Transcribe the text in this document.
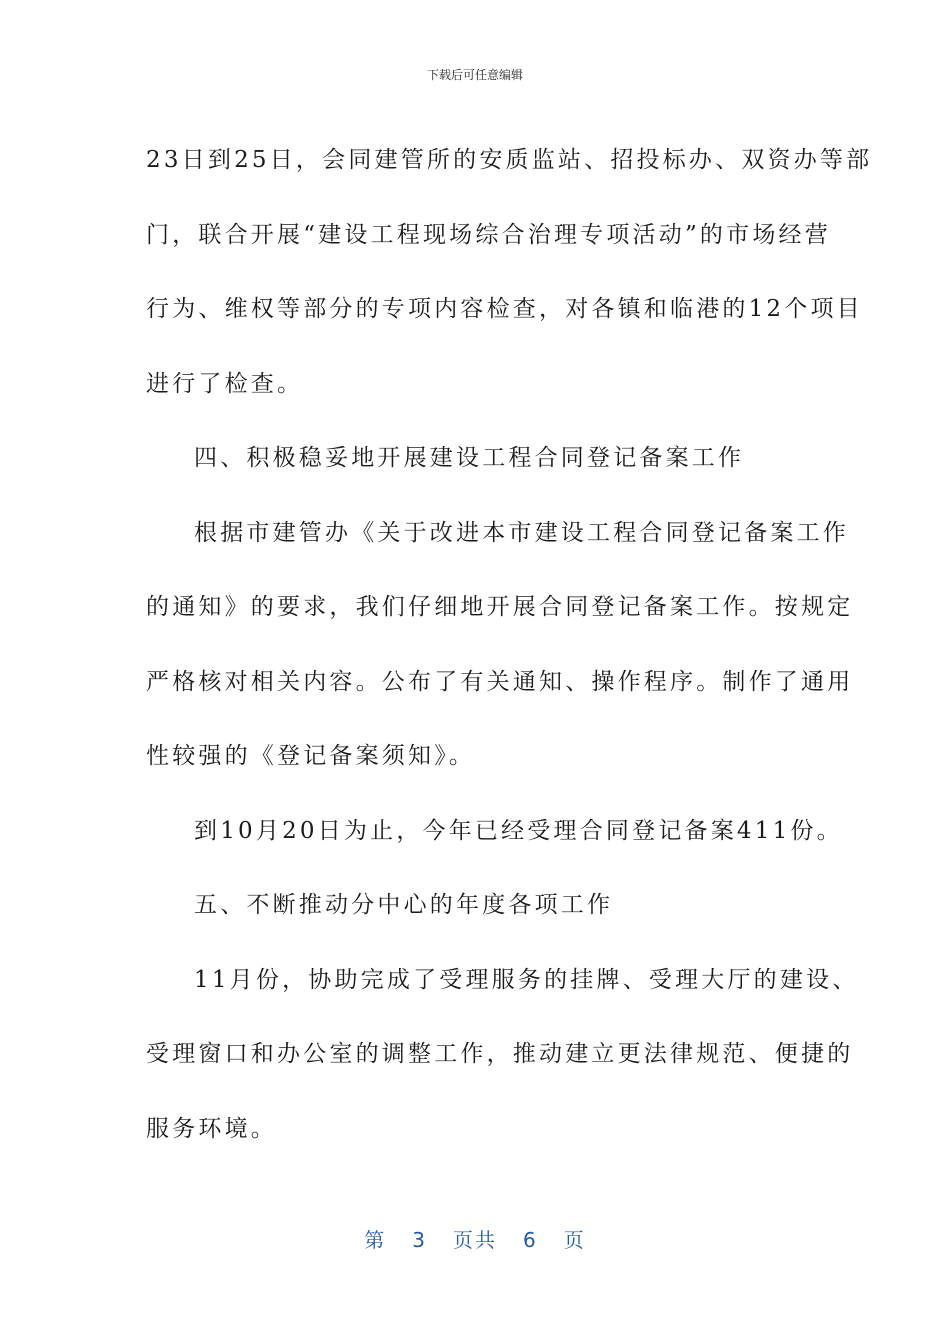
下载后可任意编辑
23日到25日，会同建管所的安质监站、招投标办、双资办等部
门，联合开展“建设工程现场综合治理专项活动”的市场经营
行为、维权等部分的专项内容检查，对各镇和临港的12个项目
进行了检查。
四、积极稳妥地开展建设工程合同登记备案工作
根据市建管办《关于改进本市建设工程合同登记备案工作
的通知》的要求，我们仔细地开展合同登记备案工作。按规定
严格核对相关内容。公布了有关通知、操作程序。制作了通用
性较强的《登记备案须知》。
到10月20日为止，今年已经受理合同登记备案411份。
五、不断推动分中心的年度各项工作
11月份，协助完成了受理服务的挂牌、受理大厅的建设、
受理窗口和办公室的调整工作，推动建立更法律规范、便捷的
服务环境。
第 3 页共 6 页
